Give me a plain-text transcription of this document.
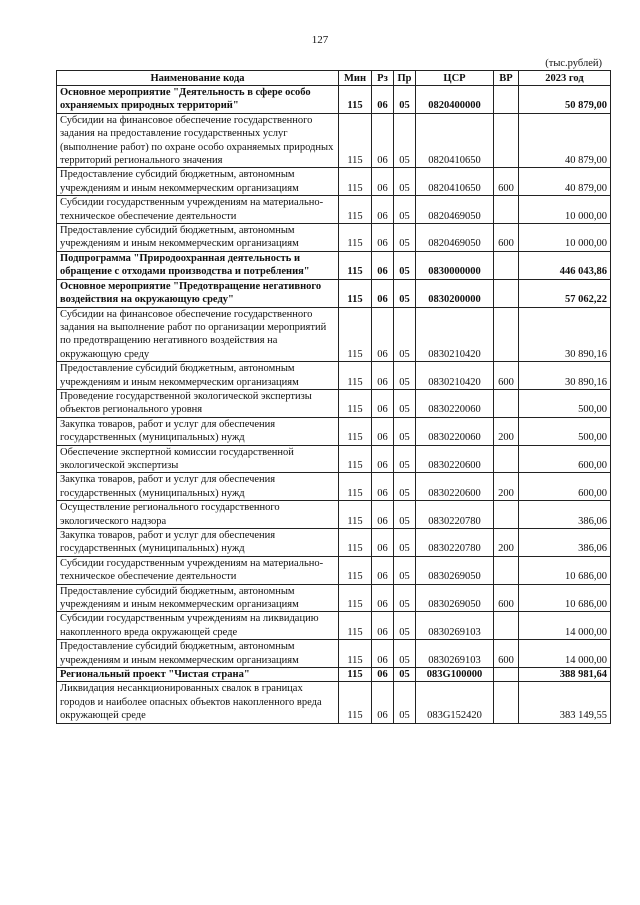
127
(тыс.рублей)
Наименование кода	Мин	Рз	Пр	ЦСР	ВР	2023 год
Основное мероприятие "Деятельность в сфере особо охраняемых природных территорий"	115	06	05	0820400000		50 879,00
Субсидии на финансовое обеспечение государственного задания на предоставление государственных услуг (выполнение работ) по охране особо охраняемых природных территорий регионального значения	115	06	05	0820410650		40 879,00
Предоставление субсидий бюджетным, автономным учреждениям и иным некоммерческим организациям	115	06	05	0820410650	600	40 879,00
Субсидии государственным учреждениям на материально-техническое обеспечение деятельности	115	06	05	0820469050		10 000,00
Предоставление субсидий бюджетным, автономным учреждениям и иным некоммерческим организациям	115	06	05	0820469050	600	10 000,00
Подпрограмма "Природоохранная деятельность и обращение с отходами производства и потребления"	115	06	05	0830000000		446 043,86
Основное мероприятие "Предотвращение негативного воздействия на окружающую среду"	115	06	05	0830200000		57 062,22
Субсидии на финансовое обеспечение государственного задания на выполнение работ по организации мероприятий по предотвращению негативного воздействия на окружающую среду	115	06	05	0830210420		30 890,16
Предоставление субсидий бюджетным, автономным учреждениям и иным некоммерческим организациям	115	06	05	0830210420	600	30 890,16
Проведение государственной экологической экспертизы объектов регионального уровня	115	06	05	0830220060		500,00
Закупка товаров, работ и услуг для обеспечения государственных (муниципальных) нужд	115	06	05	0830220060	200	500,00
Обеспечение экспертной комиссии государственной экологической экспертизы	115	06	05	0830220600		600,00
Закупка товаров, работ и услуг для обеспечения государственных (муниципальных) нужд	115	06	05	0830220600	200	600,00
Осуществление регионального государственного экологического надзора	115	06	05	0830220780		386,06
Закупка товаров, работ и услуг для обеспечения государственных (муниципальных) нужд	115	06	05	0830220780	200	386,06
Субсидии государственным учреждениям на материально-техническое обеспечение деятельности	115	06	05	0830269050		10 686,00
Предоставление субсидий бюджетным, автономным учреждениям и иным некоммерческим организациям	115	06	05	0830269050	600	10 686,00
Субсидии государственным учреждениям на ликвидацию накопленного вреда окружающей среде	115	06	05	0830269103		14 000,00
Предоставление субсидий бюджетным, автономным учреждениям и иным некоммерческим организациям	115	06	05	0830269103	600	14 000,00
Региональный проект "Чистая страна"	115	06	05	083G100000		388 981,64
Ликвидация несанкционированных свалок в границах городов и наиболее опасных объектов накопленного вреда окружающей среде	115	06	05	083G152420		383 149,55
